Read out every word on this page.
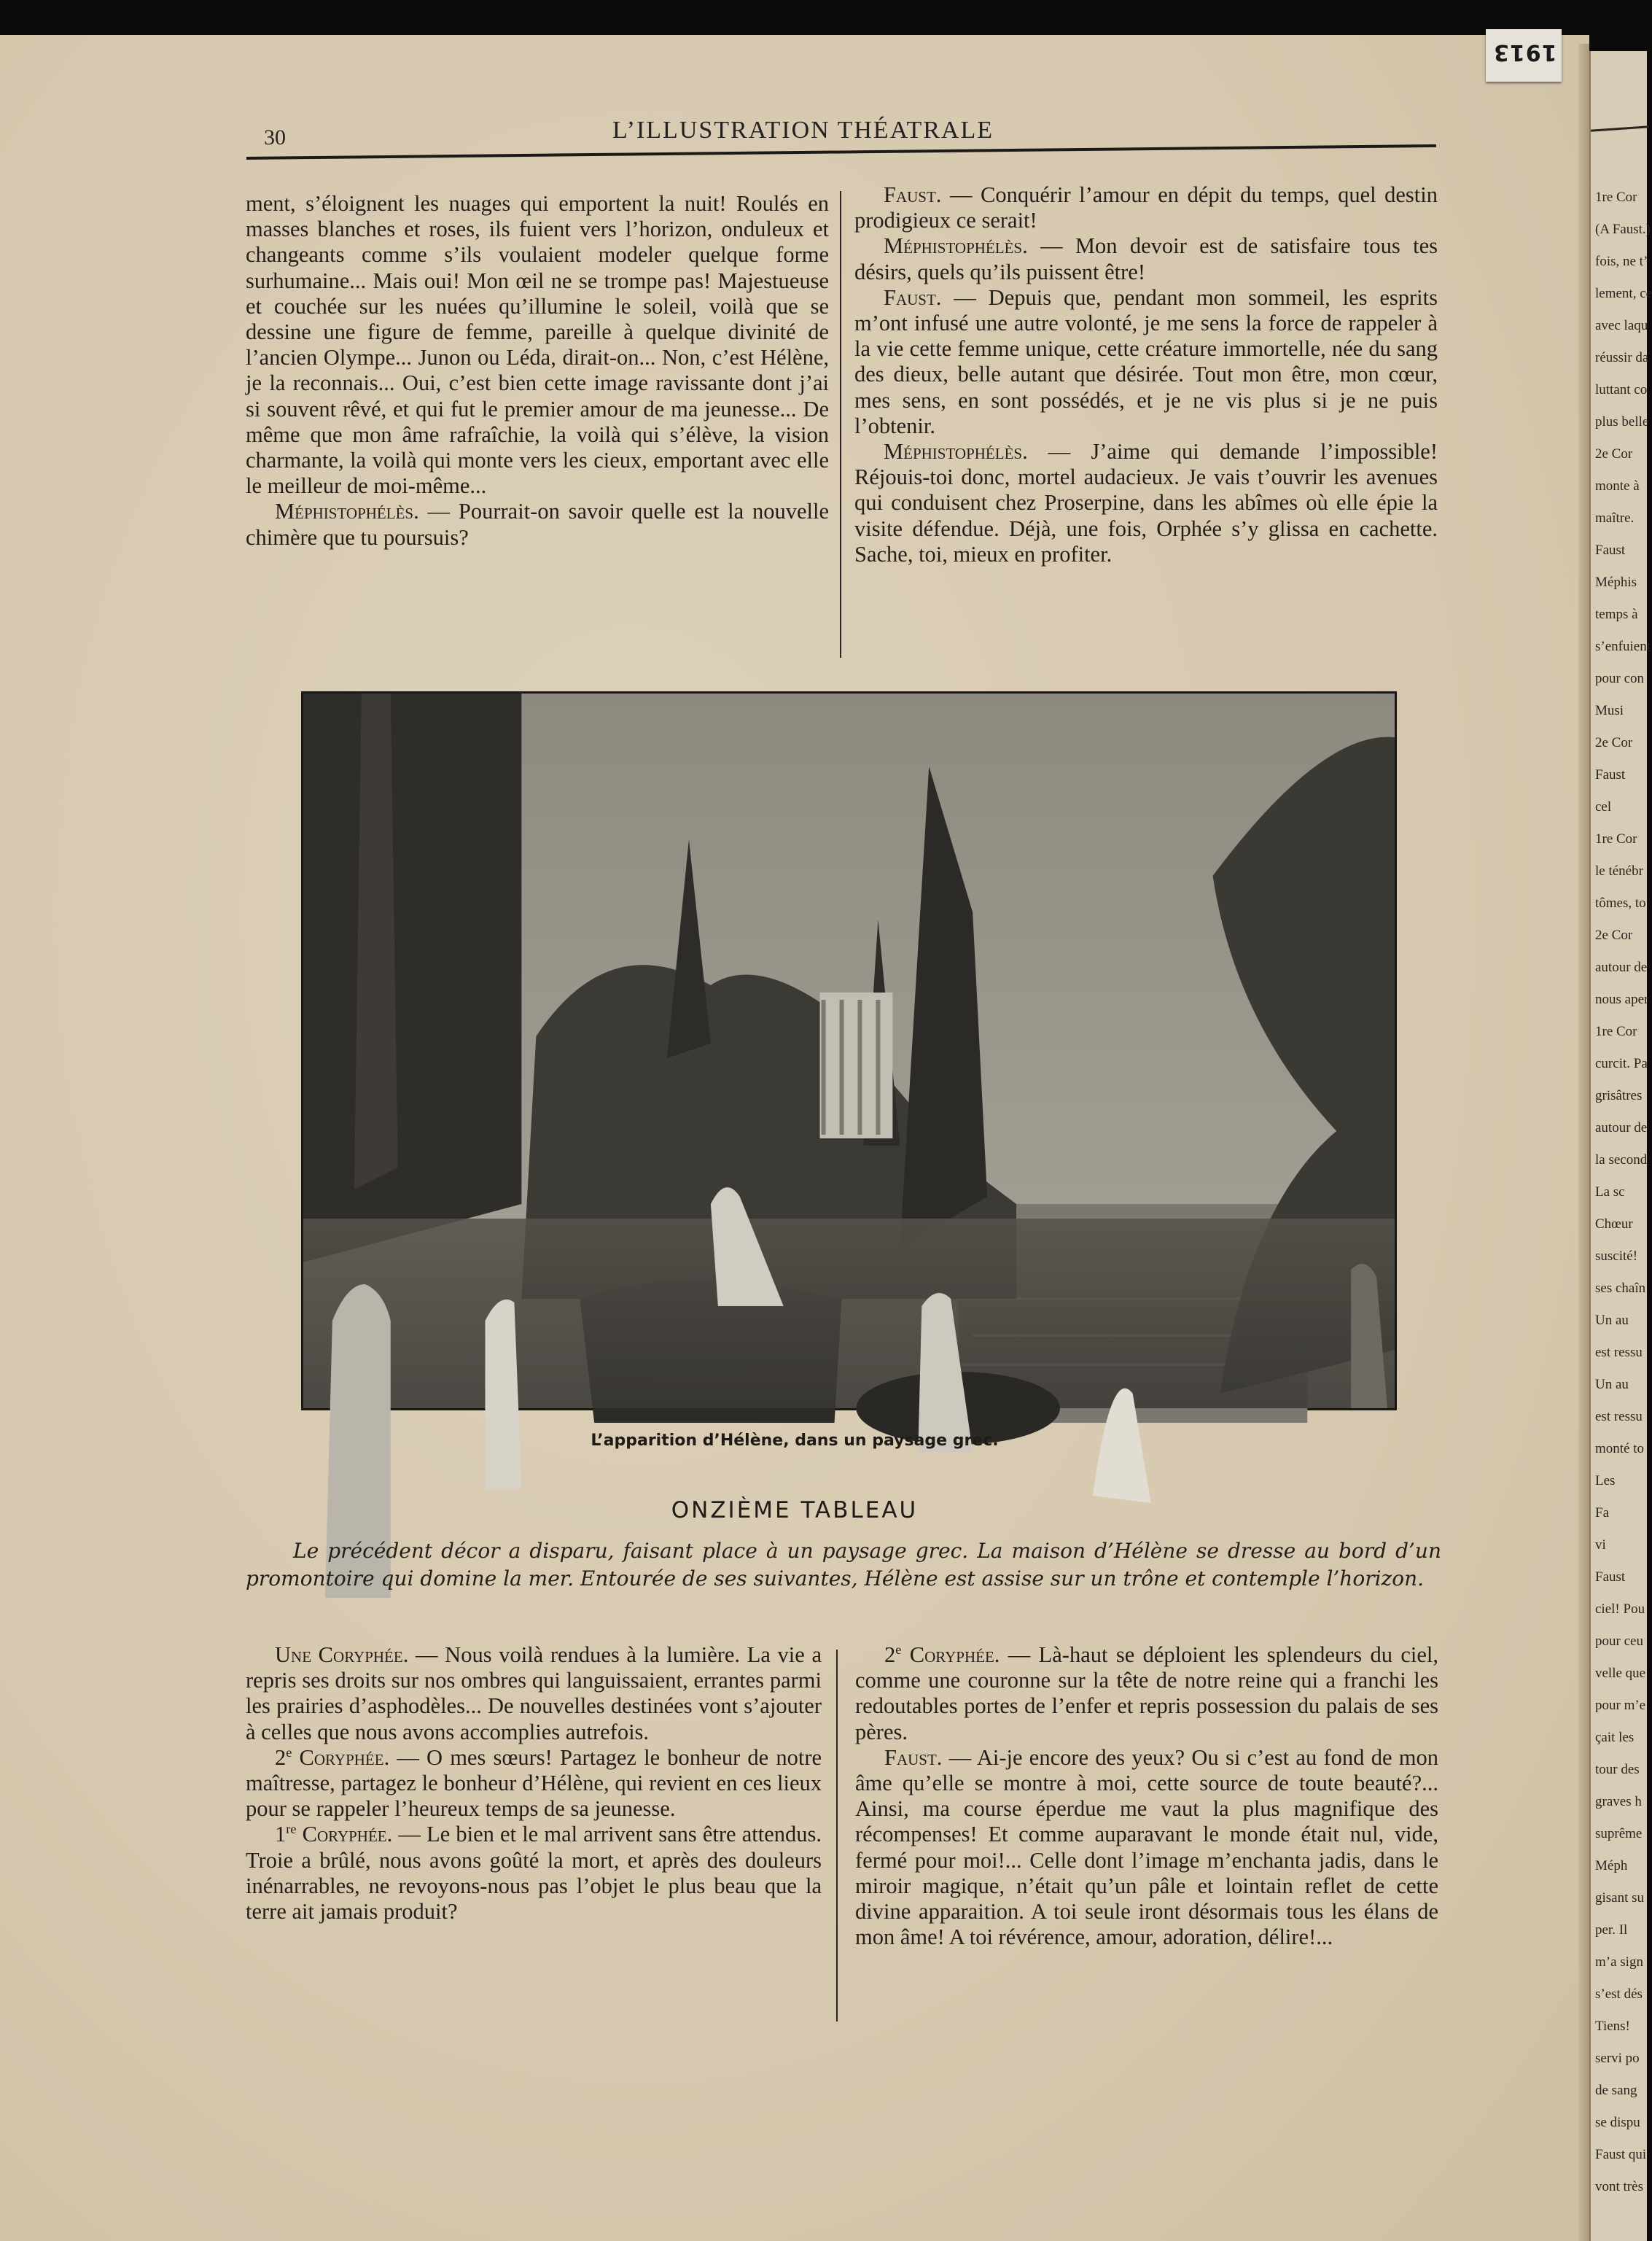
1913
1re Cor
(A Faust.)
fois, ne t’
lement, ce
avec laqu
réussir da
luttant co
plus belle
2e Cor
monte à
maître.
Faust
Méphis
temps à
s’enfuient
pour con
Musi
2e Cor
Faust
cel
1re Cor
le ténébr
tômes, to
2e Cor
autour de
nous aper
1re Cor
curcit. Pa
grisâtres
autour de
la second
La sc
Chœur
suscité!
ses chaîn
Un au
est ressu
Un au
est ressu
monté to
Les
Fa
vi
Faust
ciel! Pou
pour ceu
velle que
pour m’e
çait les
tour des
graves h
suprême
Méph
gisant su
per. Il
m’a sign
s’est dés
Tiens!
servi po
de sang
se dispu
Faust qui
vont très
30	L’ILLUSTRATION THÉATRALE

ment, s’éloignent les nuages qui emportent la nuit! Roulés en masses blanches et roses, ils fuient vers l’horizon, onduleux et changeants comme s’ils voulaient modeler quelque forme surhumaine... Mais oui! Mon œil ne se trompe pas! Majestueuse et couchée sur les nuées qu’illumine le soleil, voilà que se dessine une figure de femme, pareille à quelque divinité de l’ancien Olympe... Junon ou Léda, dirait-on... Non, c’est Hélène, je la reconnais... Oui, c’est bien cette image ravissante dont j’ai si souvent rêvé, et qui fut le premier amour de ma jeunesse... De même que mon âme rafraîchie, la voilà qui s’élève, la vision charmante, la voilà qui monte vers les cieux, emportant avec elle le meilleur de moi-même...

Méphistophélès. — Pourrait-on savoir quelle est la nouvelle chimère que tu poursuis?

Faust. — Conquérir l’amour en dépit du temps, quel destin prodigieux ce serait!

Méphistophélès. — Mon devoir est de satisfaire tous tes désirs, quels qu’ils puissent être!

Faust. — Depuis que, pendant mon sommeil, les esprits m’ont infusé une autre volonté, je me sens la force de rappeler à la vie cette femme unique, cette créature immortelle, née du sang des dieux, belle autant que désirée. Tout mon être, mon cœur, mes sens, en sont possédés, et je ne vis plus si je ne puis l’obtenir.

Méphistophélès. — J’aime qui demande l’impossible! Réjouis-toi donc, mortel audacieux. Je vais t’ouvrir les avenues qui conduisent chez Proserpine, dans les abîmes où elle épie la visite défendue. Déjà, une fois, Orphée s’y glissa en cachette. Sache, toi, mieux en profiter.

L’apparition d’Hélène, dans un paysage grec.
ONZIÈME TABLEAU
Le précédent décor a disparu, faisant place à un paysage grec. La maison d’Hélène se dresse au bord d’un promontoire qui domine la mer. Entourée de ses suivantes, Hélène est assise sur un trône et contemple l’horizon.

Une Coryphée. — Nous voilà rendues à la lumière. La vie a repris ses droits sur nos ombres qui languissaient, errantes parmi les prairies d’asphodèles... De nouvelles destinées vont s’ajouter à celles que nous avons accomplies autrefois.

2e Coryphée. — O mes sœurs! Partagez le bonheur de notre maîtresse, partagez le bonheur d’Hélène, qui revient en ces lieux pour se rappeler l’heureux temps de sa jeunesse.

1re Coryphée. — Le bien et le mal arrivent sans être attendus. Troie a brûlé, nous avons goûté la mort, et après des douleurs inénarrables, ne revoyons-nous pas l’objet le plus beau que la terre ait jamais produit?

2e Coryphée. — Là-haut se déploient les splendeurs du ciel, comme une couronne sur la tête de notre reine qui a franchi les redoutables portes de l’enfer et repris possession du palais de ses pères.

Faust. — Ai-je encore des yeux? Ou si c’est au fond de mon âme qu’elle se montre à moi, cette source de toute beauté?... Ainsi, ma course éperdue me vaut la plus magnifique des récompenses! Et comme auparavant le monde était nul, vide, fermé pour moi!... Celle dont l’image m’enchanta jadis, dans le miroir magique, n’était qu’un pâle et lointain reflet de cette divine apparaition. A toi seule iront désormais tous les élans de mon âme! A toi révérence, amour, adoration, délire!...
